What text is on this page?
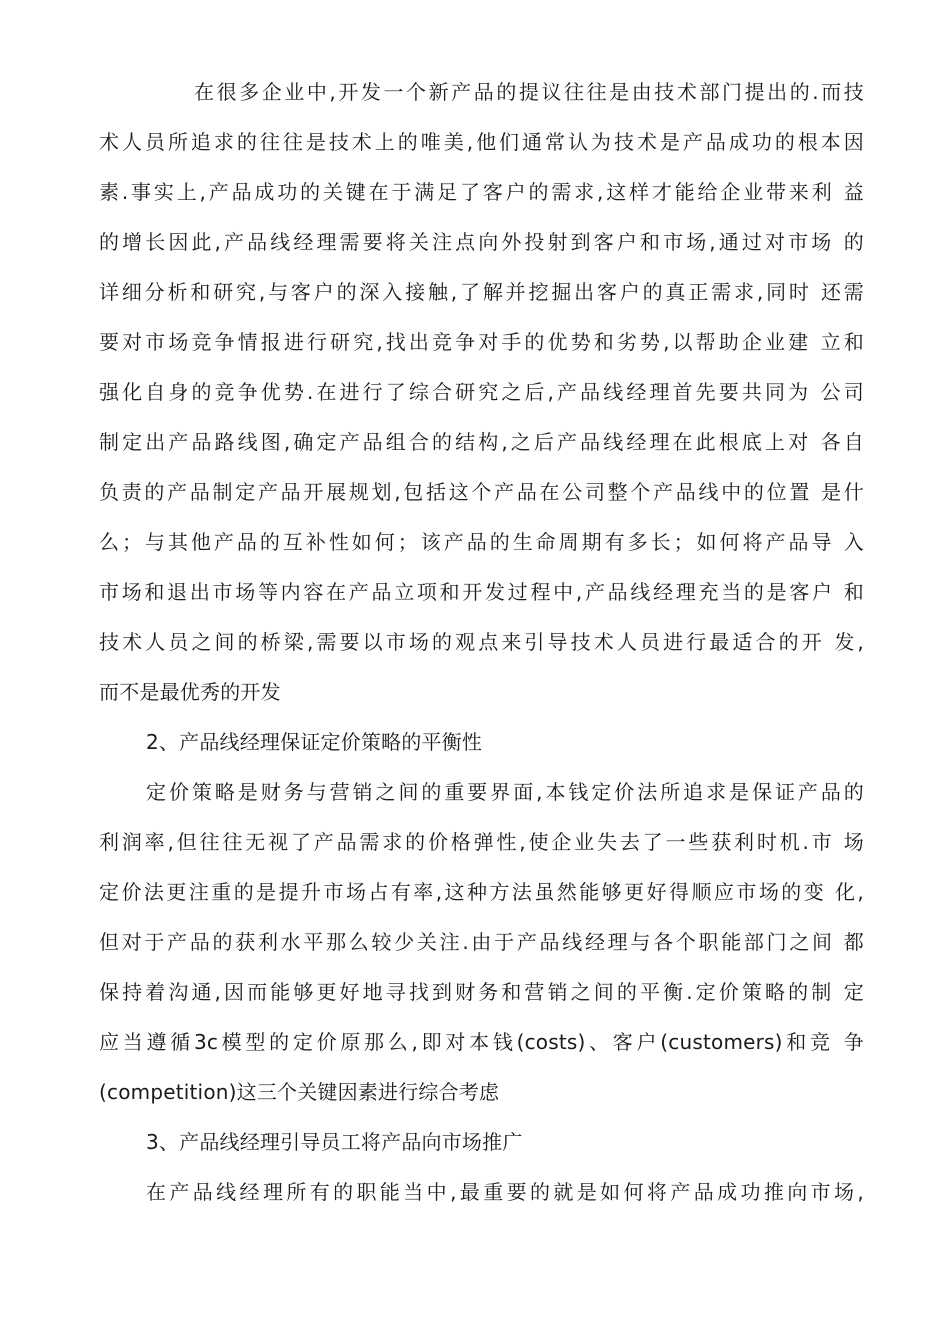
在很多企业中,开发一个新产品的提议往往是由技术部门提出的.而技
术人员所追求的往往是技术上的唯美,他们通常认为技术是产品成功的根本因
素.事实上,产品成功的关键在于满足了客户的需求,这样才能给企业带来利 益
的增长因此,产品线经理需要将关注点向外投射到客户和市场,通过对市场 的
详细分析和研究,与客户的深入接触,了解并挖掘出客户的真正需求,同时 还需
要对市场竞争情报进行研究,找出竞争对手的优势和劣势,以帮助企业建 立和
强化自身的竞争优势.在进行了综合研究之后,产品线经理首先要共同为 公司
制定出产品路线图,确定产品组合的结构,之后产品线经理在此根底上对 各自
负责的产品制定产品开展规划,包括这个产品在公司整个产品线中的位置 是什
么；与其他产品的互补性如何；该产品的生命周期有多长；如何将产品导 入
市场和退出市场等内容在产品立项和开发过程中,产品线经理充当的是客户 和
技术人员之间的桥梁,需要以市场的观点来引导技术人员进行最适合的开 发,
而不是最优秀的开发
2、产品线经理保证定价策略的平衡性
定价策略是财务与营销之间的重要界面,本钱定价法所追求是保证产品的
利润率,但往往无视了产品需求的价格弹性,使企业失去了一些获利时机.市 场
定价法更注重的是提升市场占有率,这种方法虽然能够更好得顺应市场的变 化,
但对于产品的获利水平那么较少关注.由于产品线经理与各个职能部门之间 都
保持着沟通,因而能够更好地寻找到财务和营销之间的平衡.定价策略的制 定
应当遵循3c模型的定价原那么,即对本钱(costs)、客户(customers)和竞 争
(competition)这三个关键因素进行综合考虑
3、产品线经理引导员工将产品向市场推广
在产品线经理所有的职能当中,最重要的就是如何将产品成功推向市场,
